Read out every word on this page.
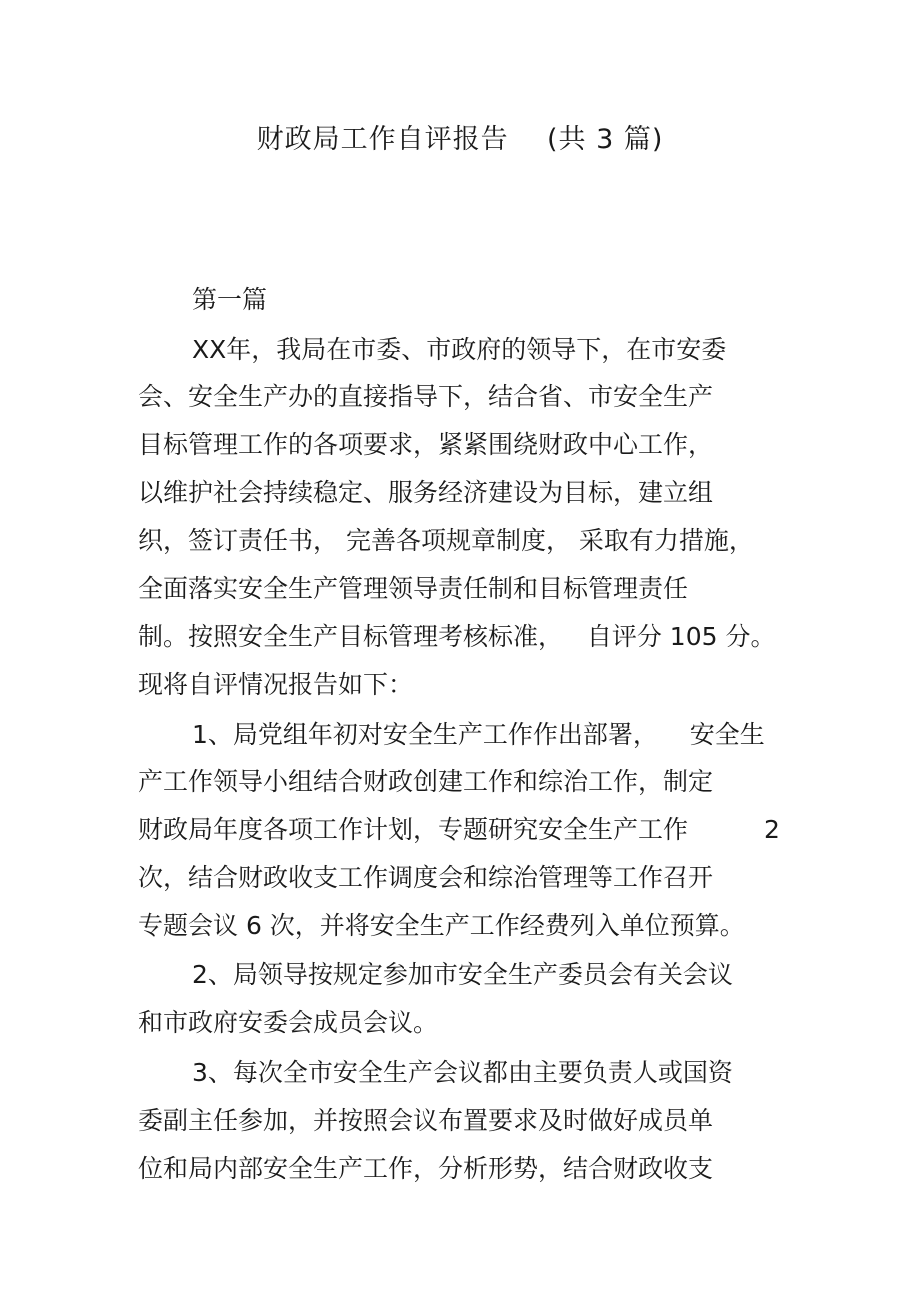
财政局工作自评报告    (共 3 篇)
第一篇
XX年，我局在市委、市政府的领导下，在市安委
会、安全生产办的直接指导下，结合省、市安全生产
目标管理工作的各项要求，紧紧围绕财政中心工作，
以维护社会持续稳定、服务经济建设为目标，建立组
织，签订责任书， 完善各项规章制度， 采取有力措施，
全面落实安全生产管理领导责任制和目标管理责任
制。按照安全生产目标管理考核标准，   自评分 105 分。
现将自评情况报告如下：
1、局党组年初对安全生产工作作出部署，    安全生
产工作领导小组结合财政创建工作和综治工作，制定
财政局年度各项工作计划，专题研究安全生产工作	2
次，结合财政收支工作调度会和综治管理等工作召开
专题会议 6 次，并将安全生产工作经费列入单位预算。
2、局领导按规定参加市安全生产委员会有关会议
和市政府安委会成员会议。
3、每次全市安全生产会议都由主要负责人或国资
委副主任参加，并按照会议布置要求及时做好成员单
位和局内部安全生产工作，分析形势，结合财政收支
